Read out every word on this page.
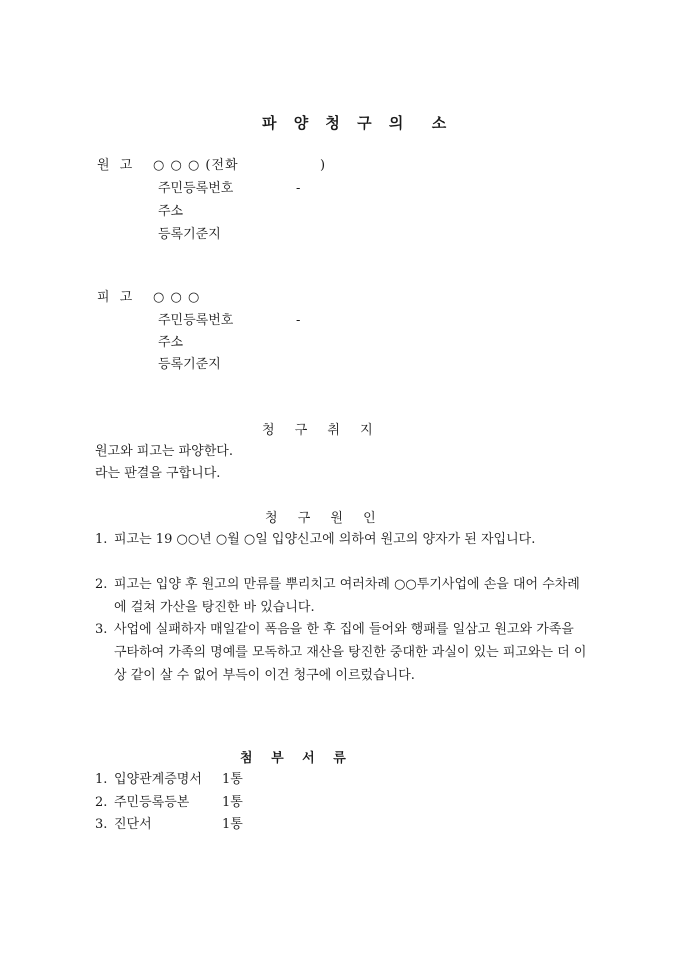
파 양 청 구 의  소
원 고 ○ ○ ○ (전화	)
주민등록번호	-
주소
등록기준지
피 고 ○ ○ ○
주민등록번호	-
주소
등록기준지
청 구 취 지
원고와 피고는 파양한다.
라는 판결을 구합니다.
청 구 원 인
1. 피고는 19 ○○년 ○월 ○일 입양신고에 의하여 원고의 양자가 된 자입니다.
2. 피고는 입양 후 원고의 만류를 뿌리치고 여러차례 ○○투기사업에 손을 대어 수차례에 걸쳐 가산을 탕진한 바 있습니다.
3. 사업에 실패하자 매일같이 폭음을 한 후 집에 들어와 행패를 일삼고 원고와 가족을 구타하여 가족의 명예를 모독하고 재산을 탕진한 중대한 과실이 있는 피고와는 더 이상 같이 살 수 없어 부득이 이건 청구에 이르렀습니다.
첨 부 서 류
1. 입양관계증명서 1통
2. 주민등록등본	1통
3. 진단서	1통
